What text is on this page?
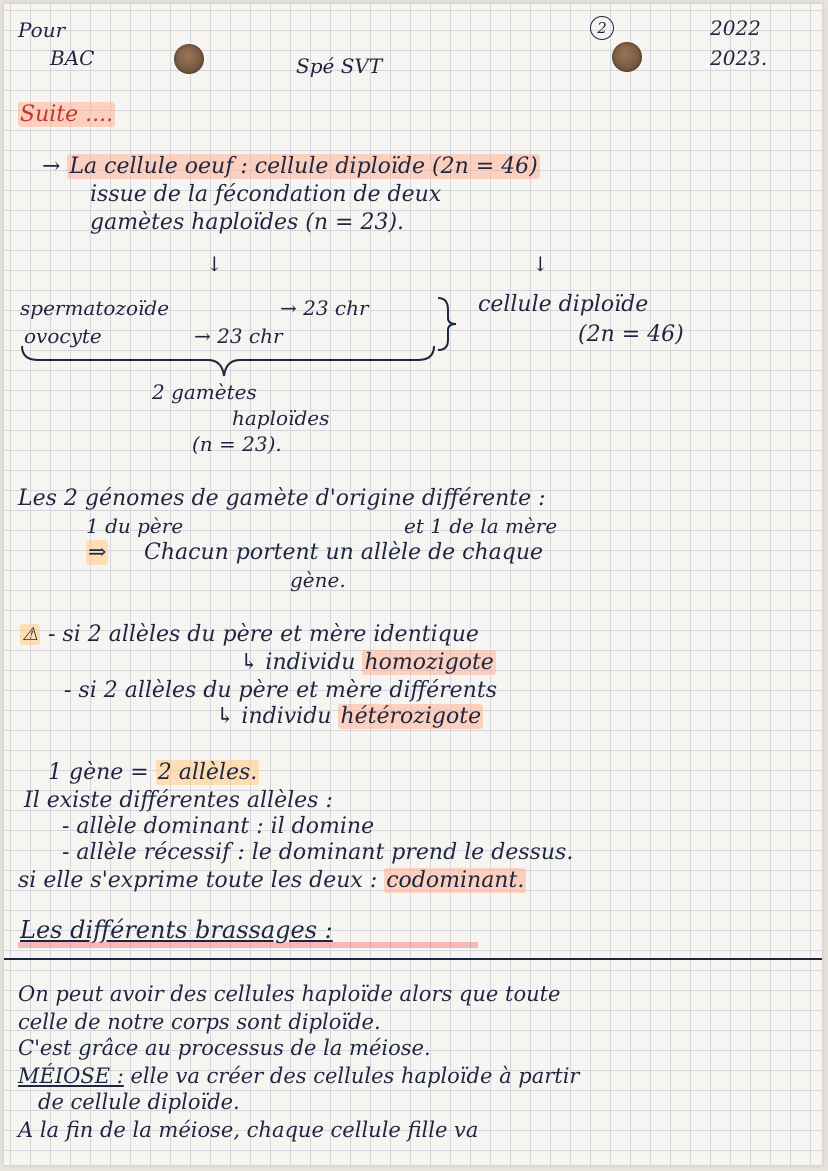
Pour
BAC	Spé SVT
2	2022
2023.
Suite ....
→ La cellule oeuf : cellule diploïde (2n = 46)
issue de la fécondation de deux
gamètes haploïdes (n = 23).
↓	↓
spermatozoïde	→ 23 chr
ovocyte	→ 23 chr
cellule diploïde
(2n = 46)
2 gamètes
haploïdes
(n = 23).
Les 2 génomes de gamète d'origine différente :
1 du père	et 1 de la mère
⇒ Chacun portent un allèle de chaque
gène.
⚠ - si 2 allèles du père et mère identique
↳ individu homozigote
- si 2 allèles du père et mère différents
↳ individu hétérozigote
1 gène = 2 allèles.
Il existe différentes allèles :
- allèle dominant : il domine
- allèle récessif : le dominant prend le dessus.
si elle s'exprime toute les deux : codominant.
Les différents brassages :
On peut avoir des cellules haploïde alors que toute
celle de notre corps sont diploïde.
C'est grâce au processus de la méiose.
MÉIOSE : elle va créer des cellules haploïde à partir
de cellule diploïde.
A la fin de la méiose, chaque cellule fille va
